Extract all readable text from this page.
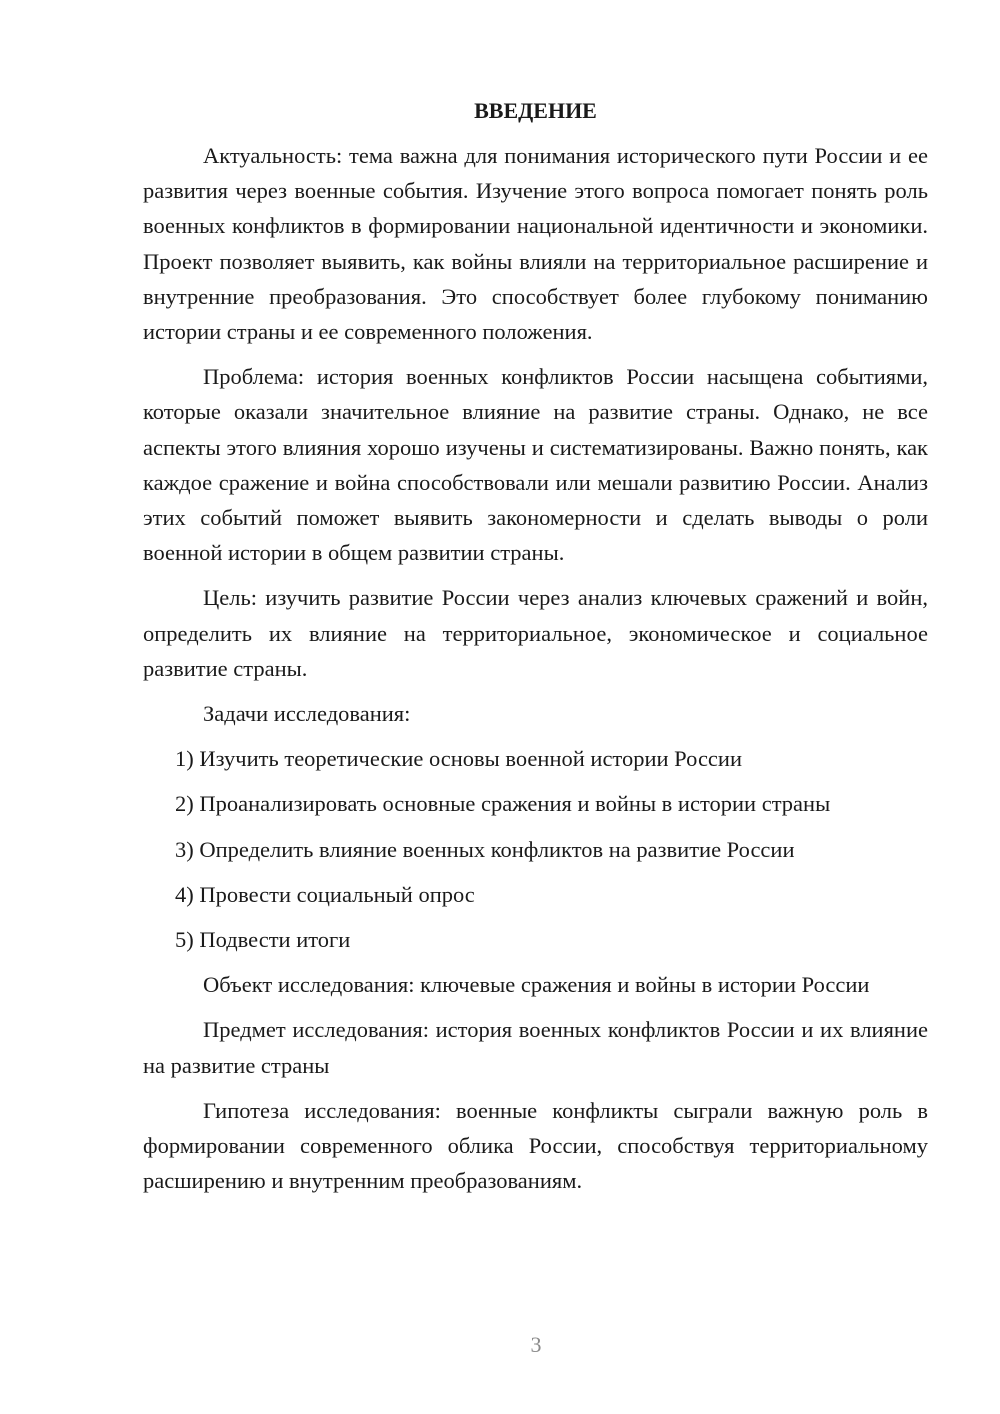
ВВЕДЕНИЕ

Актуальность: тема важна для понимания исторического пути России и ее развития через военные события. Изучение этого вопроса помогает понять роль военных конфликтов в формировании национальной идентичности и экономики. Проект позволяет выявить, как войны влияли на территориальное расширение и внутренние преобразования. Это способствует более глубокому пониманию истории страны и ее современного положения.

Проблема: история военных конфликтов России насыщена событиями, которые оказали значительное влияние на развитие страны. Однако, не все аспекты этого влияния хорошо изучены и систематизированы. Важно понять, как каждое сражение и война способствовали или мешали развитию России. Анализ этих событий поможет выявить закономерности и сделать выводы о роли военной истории в общем развитии страны.

Цель: изучить развитие России через анализ ключевых сражений и войн, определить их влияние на территориальное, экономическое и социальное развитие страны.

Задачи исследования:

1) Изучить теоретические основы военной истории России
2) Проанализировать основные сражения и войны в истории страны
3) Определить влияние военных конфликтов на развитие России
4) Провести социальный опрос
5) Подвести итоги

Объект исследования: ключевые сражения и войны в истории России

Предмет исследования: история военных конфликтов России и их влияние на развитие страны

Гипотеза исследования: военные конфликты сыграли важную роль в формировании современного облика России, способствуя территориальному расширению и внутренним преобразованиям.

3
